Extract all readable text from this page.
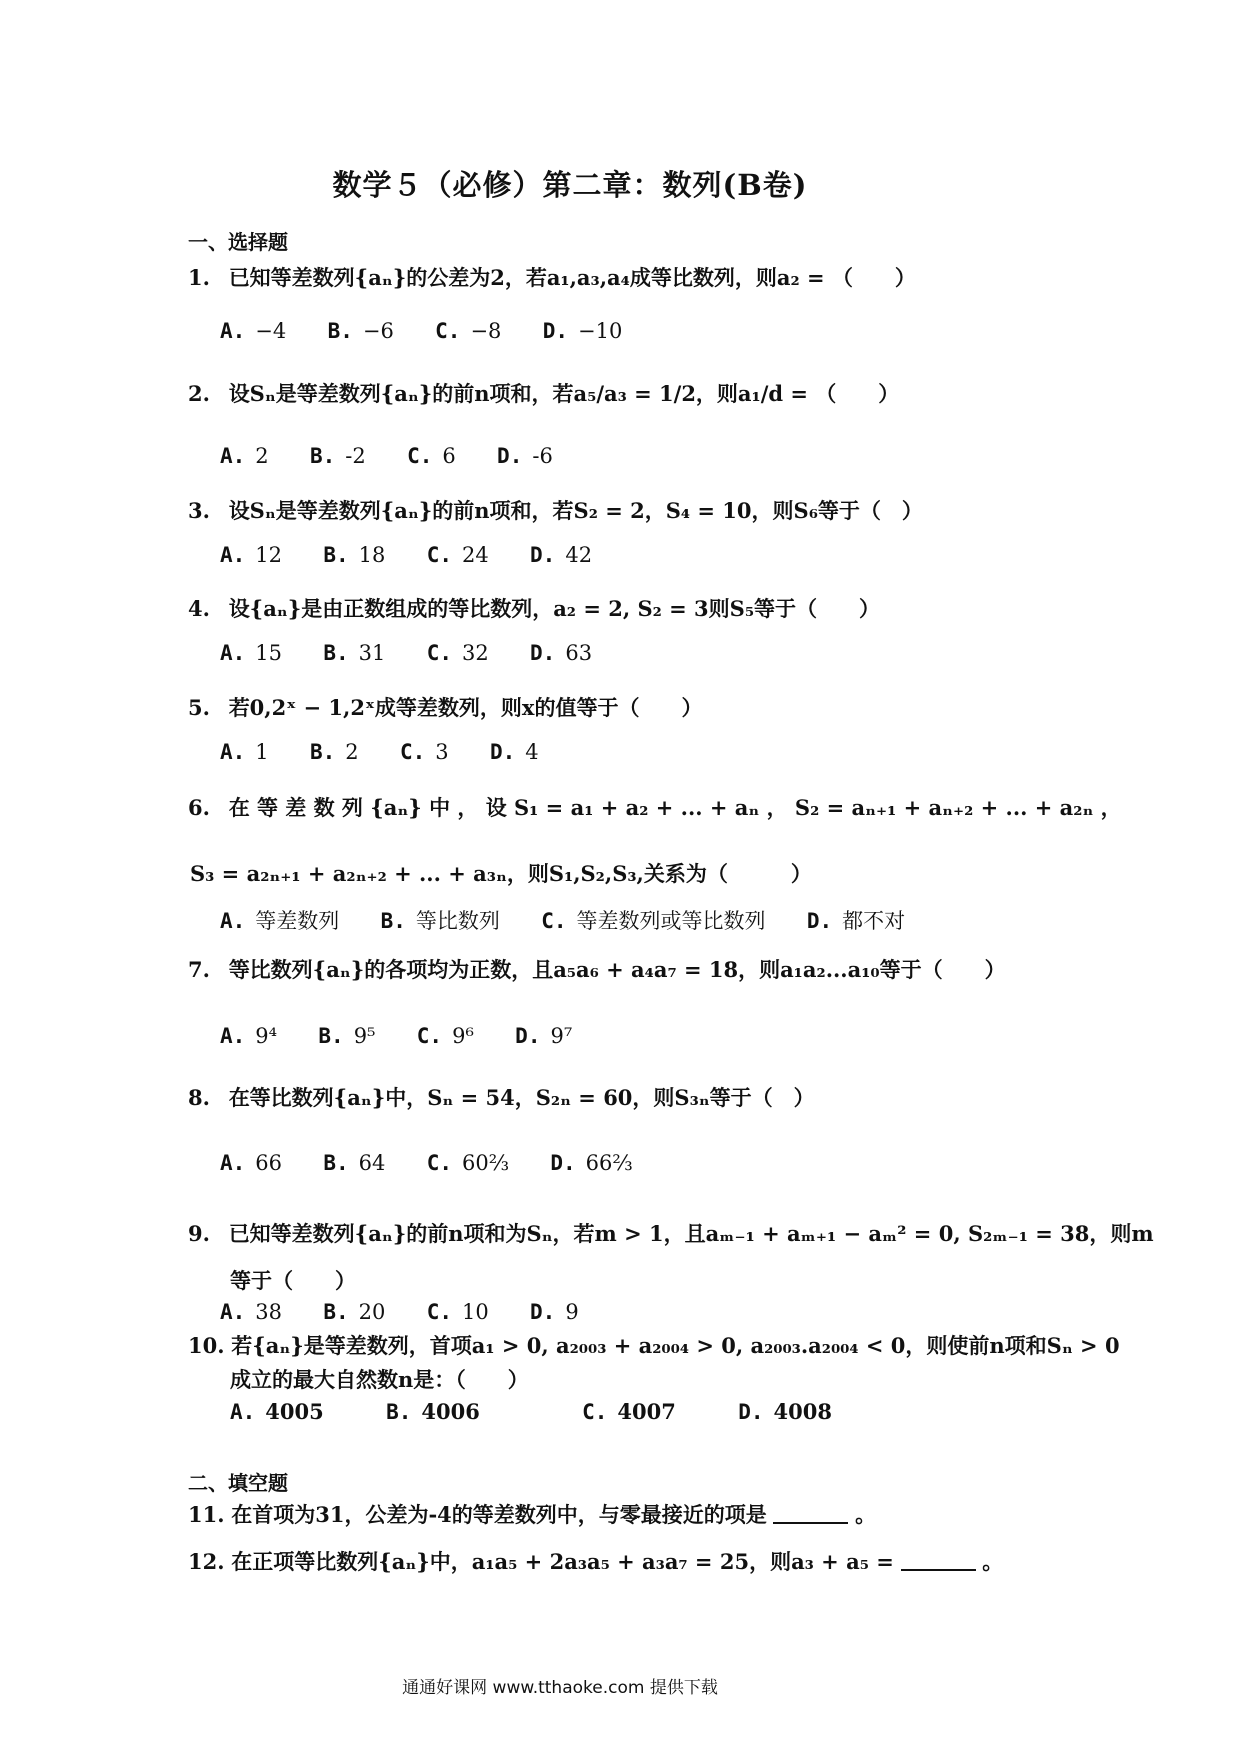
数学５（必修）第二章：数列(B卷)
一、选择题
1. 已知等差数列{aₙ}的公差为2，若a₁,a₃,a₄成等比数列，则a₂ = （　　）
A. −4 B. −6 C. −8 D. −10
2. 设Sₙ是等差数列{aₙ}的前n项和，若a₅/a₃ = 1/2，则a₁/d = （　　）
A. 2 B. -2 C. 6 D. -6
3. 设Sₙ是等差数列{aₙ}的前n项和，若S₂ = 2，S₄ = 10，则S₆等于（　）
A. 12 B. 18 C. 24 D. 42
4. 设{aₙ}是由正数组成的等比数列，a₂ = 2, S₂ = 3则S₅等于（　　）
A. 15 B. 31 C. 32 D. 63
5. 若0,2ˣ − 1,2ˣ成等差数列，则x的值等于（　　）
A. 1 B. 2 C. 3 D. 4
6. 在 等 差 数 列 {aₙ} 中 ， 设 S₁ = a₁ + a₂ + ... + aₙ ， S₂ = aₙ₊₁ + aₙ₊₂ + ... + a₂ₙ ，
S₃ = a₂ₙ₊₁ + a₂ₙ₊₂ + ... + a₃ₙ，则S₁,S₂,S₃,关系为（　　　）
A. 等差数列 B. 等比数列 C. 等差数列或等比数列 D. 都不对
7. 等比数列{aₙ}的各项均为正数，且a₅a₆ + a₄a₇ = 18，则a₁a₂...a₁₀等于（　　）
A. 9⁴ B. 9⁵ C. 9⁶ D. 9⁷
8. 在等比数列{aₙ}中，Sₙ = 54，S₂ₙ = 60，则S₃ₙ等于（　）
A. 66 B. 64 C. 60⅔ D. 66⅔
9. 已知等差数列{aₙ}的前n项和为Sₙ，若m > 1，且aₘ₋₁ + aₘ₊₁ − aₘ² = 0, S₂ₘ₋₁ = 38，则m
等于（　　）
A. 38 B. 20 C. 10 D. 9
10. 若{aₙ}是等差数列，首项a₁ > 0, a₂₀₀₃ + a₂₀₀₄ > 0, a₂₀₀₃.a₂₀₀₄ < 0，则使前n项和Sₙ > 0
成立的最大自然数n是：（　　）
A. 4005	B. 4006	C. 4007	D. 4008
二、填空题
11. 在首项为31，公差为-4的等差数列中，与零最接近的项是	。
12. 在正项等比数列{aₙ}中，a₁a₅ + 2a₃a₅ + a₃a₇ = 25，则a₃ + a₅ =	。
通通好课网 www.tthaoke.com 提供下载
